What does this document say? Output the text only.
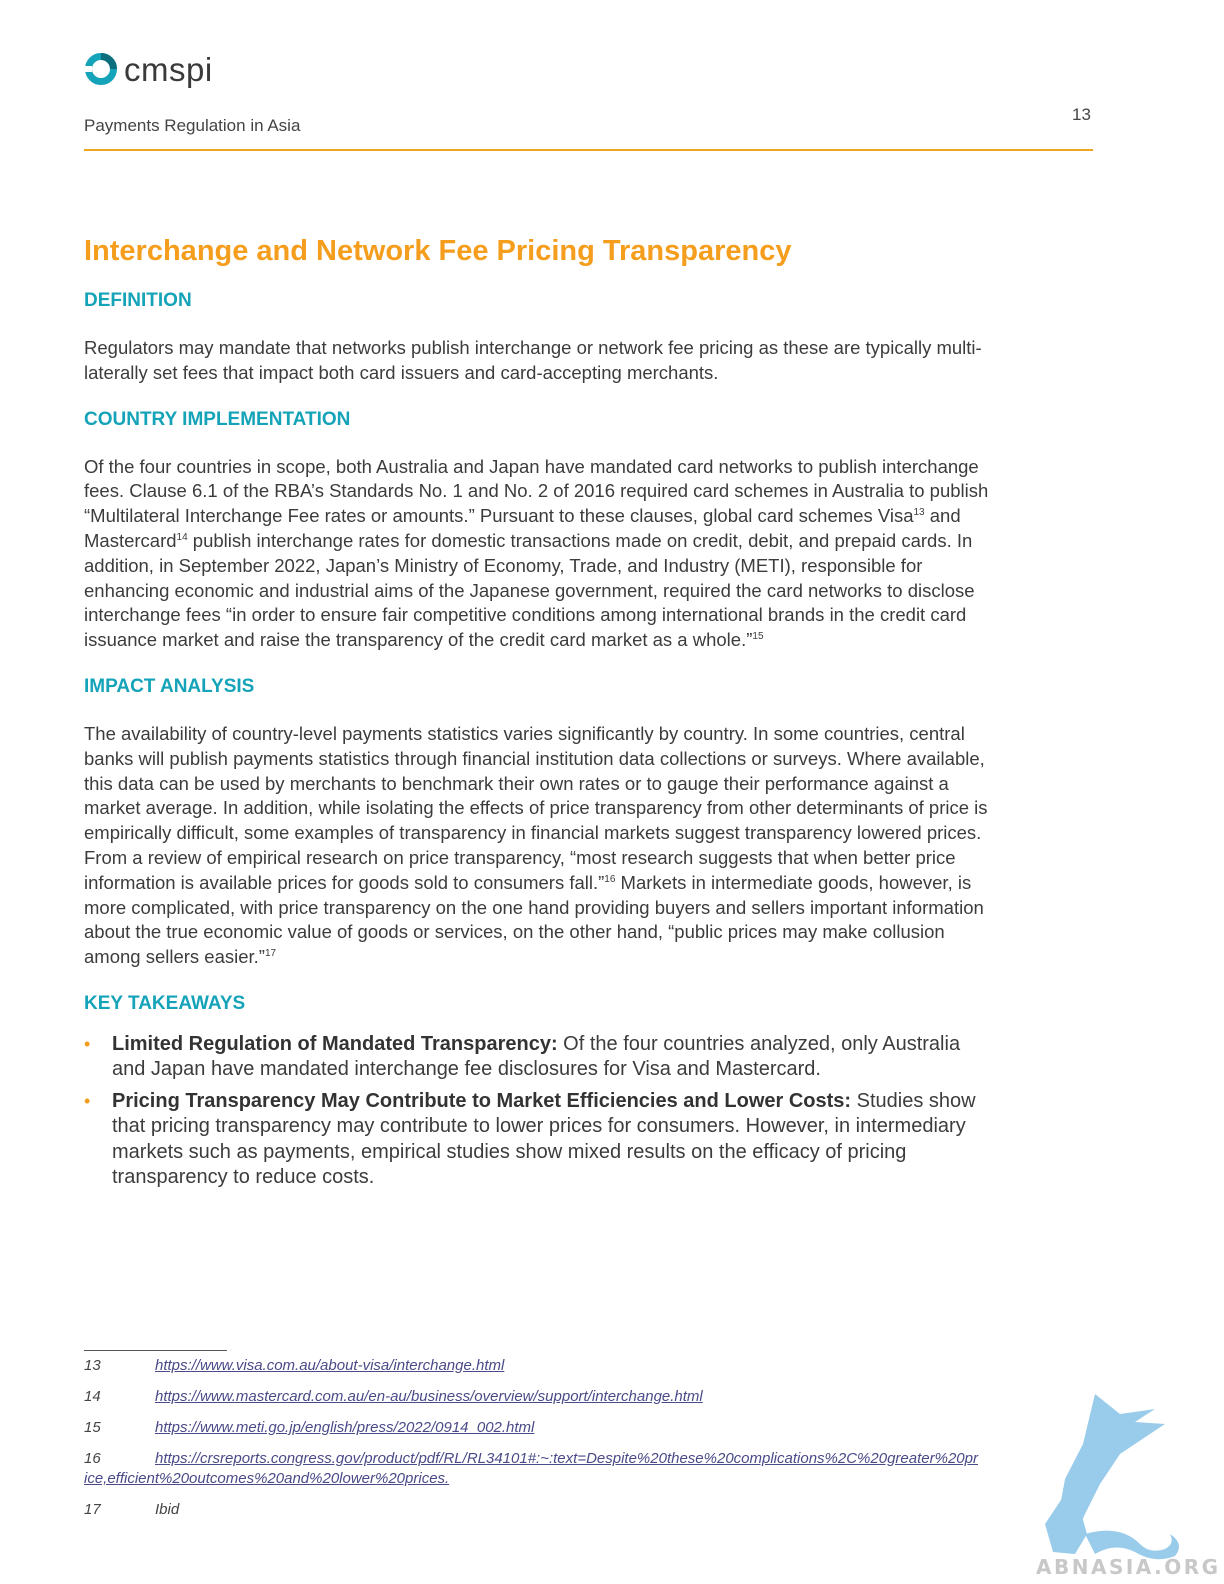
cmspi
Payments Regulation in Asia
13
Interchange and Network Fee Pricing Transparency
DEFINITION

Regulators may mandate that networks publish interchange or network fee pricing as these are typically multi-laterally set fees that impact both card issuers and card-accepting merchants.

COUNTRY IMPLEMENTATION

Of the four countries in scope, both Australia and Japan have mandated card networks to publish interchange fees. Clause 6.1 of the RBA’s Standards No. 1 and No. 2 of 2016 required card schemes in Australia to publish “Multilateral Interchange Fee rates or amounts.” Pursuant to these clauses, global card schemes Visa$^{13}$ and Mastercard$^{14}$ publish interchange rates for domestic transactions made on credit, debit, and prepaid cards. In addition, in September 2022, Japan’s Ministry of Economy, Trade, and Industry (METI), responsible for enhancing economic and industrial aims of the Japanese government, required the card networks to disclose interchange fees “in order to ensure fair competitive conditions among international brands in the credit card issuance market and raise the transparency of the credit card market as a whole.”$^{15}$

IMPACT ANALYSIS

The availability of country-level payments statistics varies significantly by country. In some countries, central banks will publish payments statistics through financial institution data collections or surveys. Where available, this data can be used by merchants to benchmark their own rates or to gauge their performance against a market average. In addition, while isolating the effects of price transparency from other determinants of price is empirically difficult, some examples of transparency in financial markets suggest transparency lowered prices. From a review of empirical research on price transparency, “most research suggests that when better price information is available prices for goods sold to consumers fall.”$^{16}$ Markets in intermediate goods, however, is more complicated, with price transparency on the one hand providing buyers and sellers important information about the true economic value of goods or services, on the other hand, “public prices may make collusion among sellers easier.”$^{17}$

KEY TAKEAWAYS
• Limited Regulation of Mandated Transparency: Of the four countries analyzed, only Australia and Japan have mandated interchange fee disclosures for Visa and Mastercard.
• Pricing Transparency May Contribute to Market Efficiencies and Lower Costs: Studies show that pricing transparency may contribute to lower prices for consumers. However, in intermediary markets such as payments, empirical studies show mixed results on the efficacy of pricing transparency to reduce costs.
13	https://www.visa.com.au/about-visa/interchange.html
14	https://www.mastercard.com.au/en-au/business/overview/support/interchange.html
15	https://www.meti.go.jp/english/press/2022/0914_002.html
16	https://crsreports.congress.gov/product/pdf/RL/RL34101#:~:text=Despite%20these%20complications%2C%20greater%20price,efficient%20outcomes%20and%20lower%20prices.
17	Ibid
ABNASIA.ORG
